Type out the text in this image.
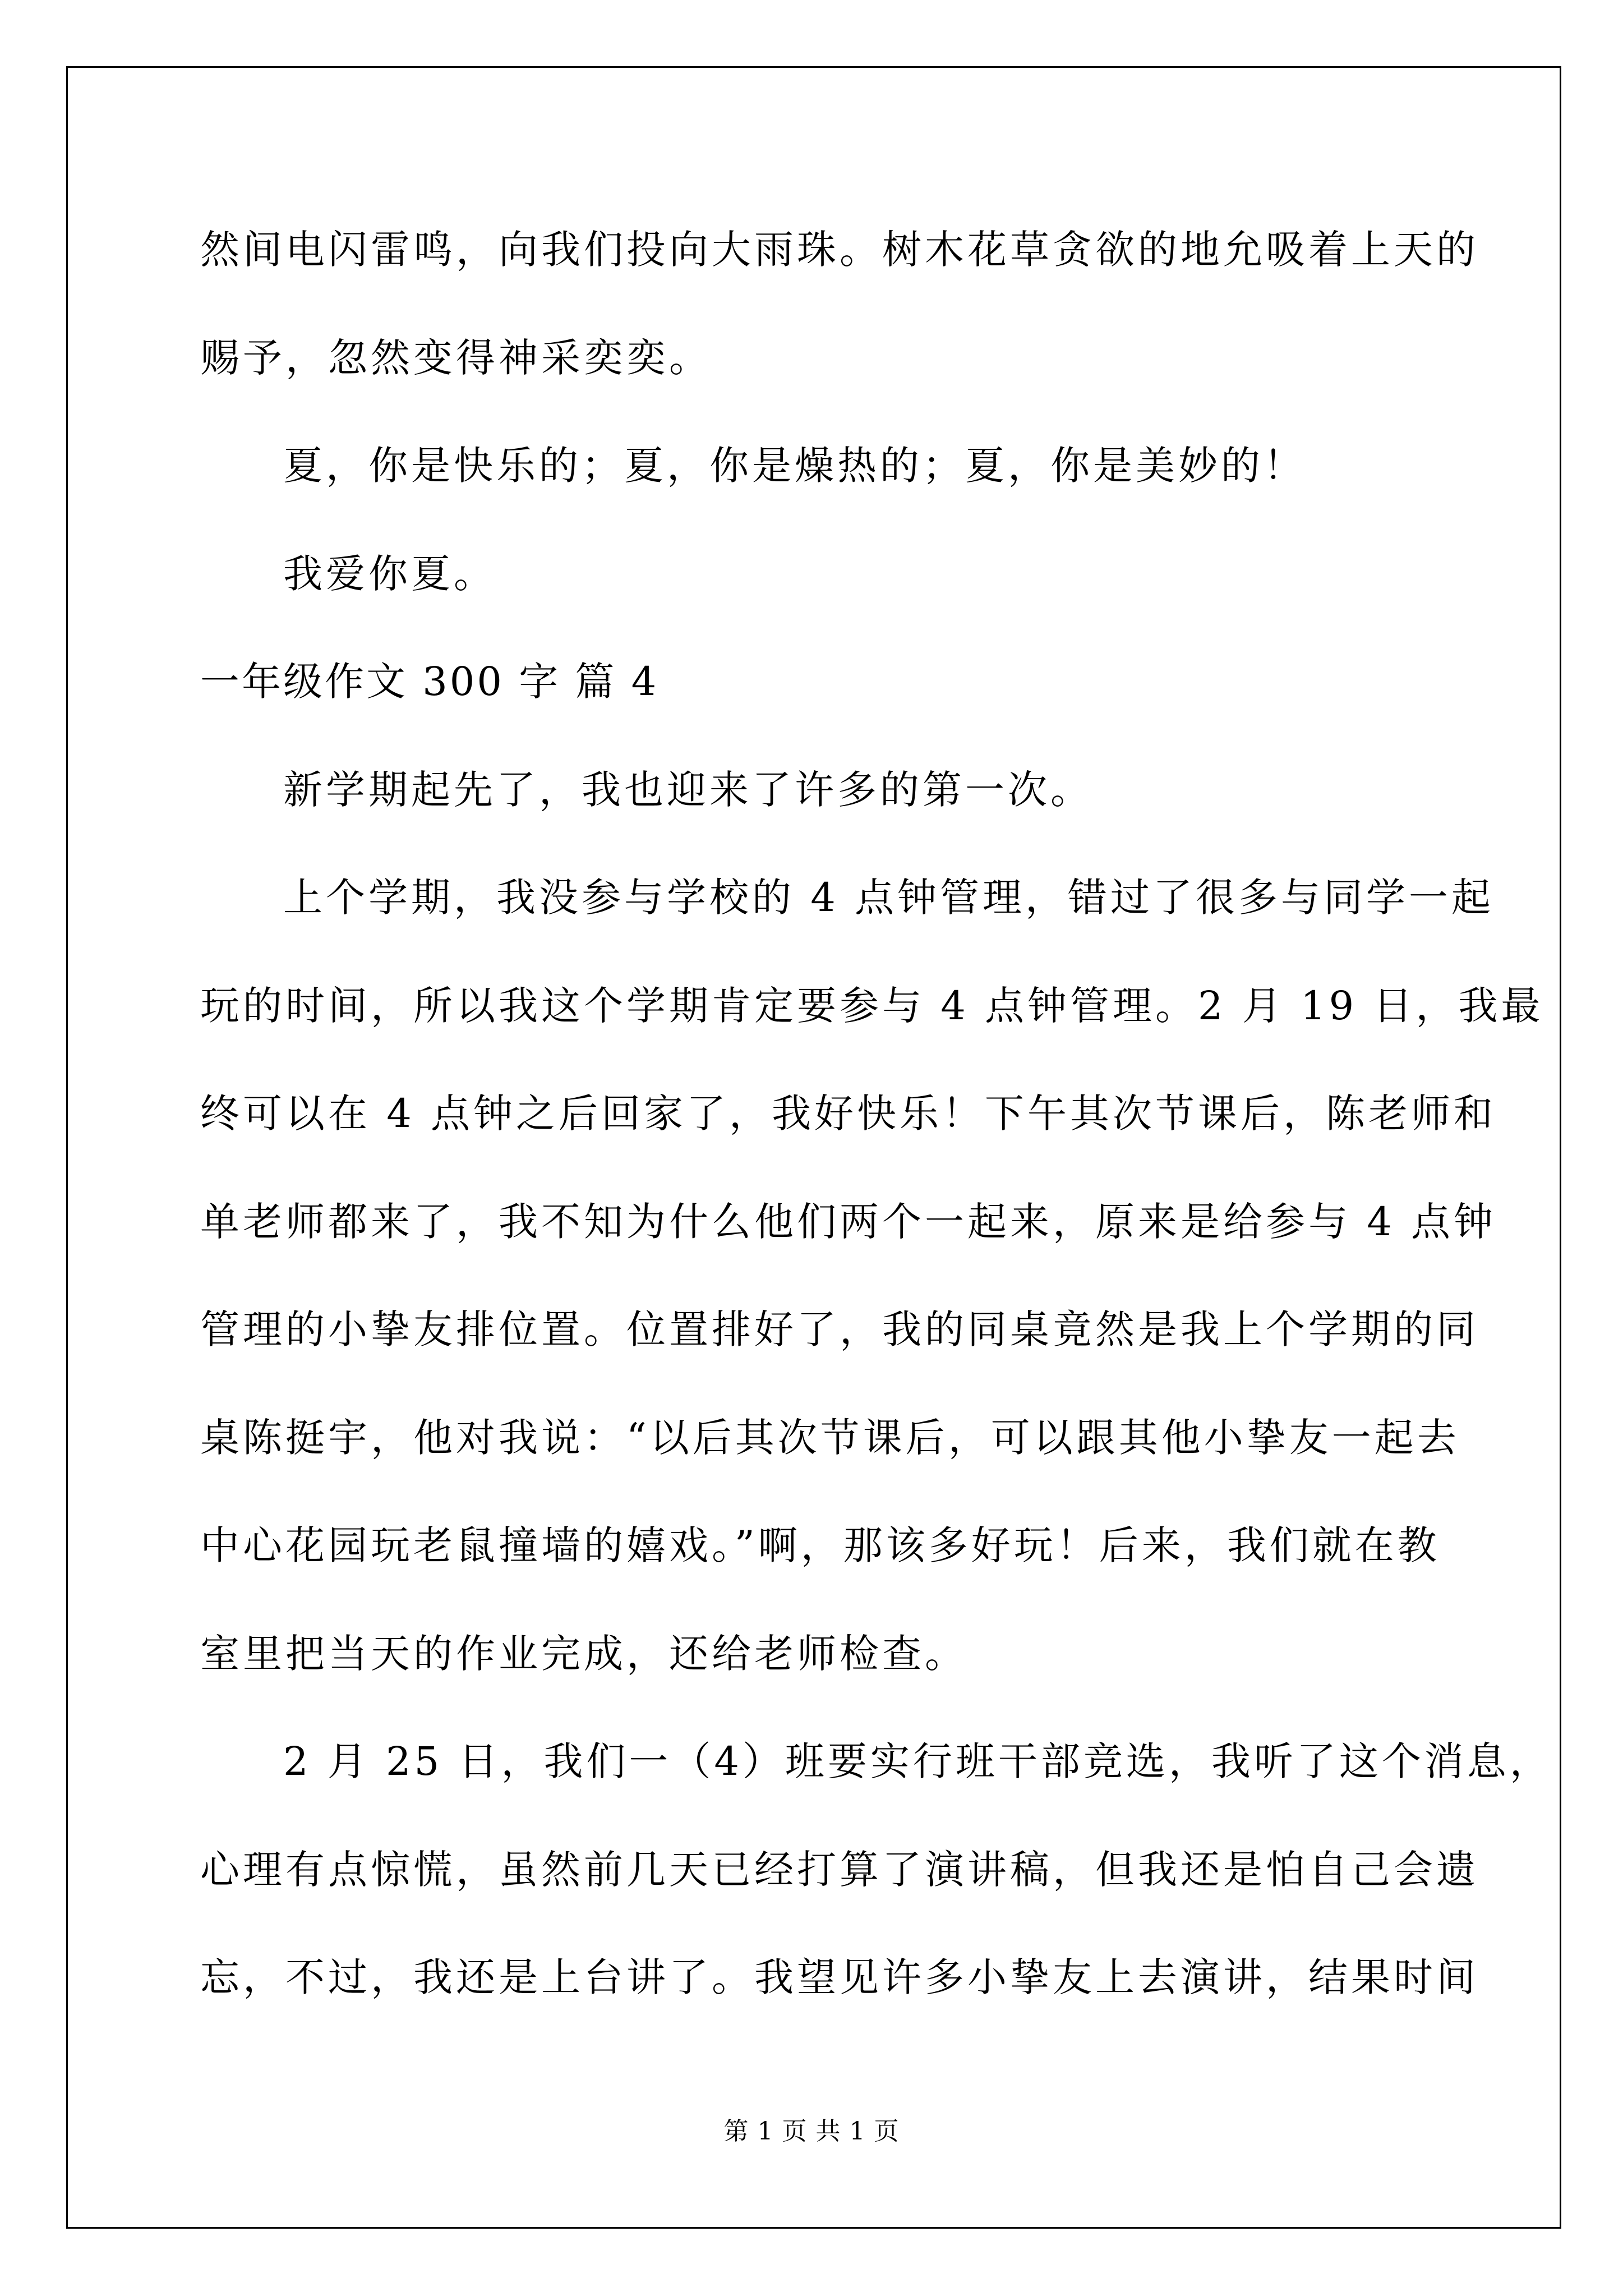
然间电闪雷鸣，向我们投向大雨珠。树木花草贪欲的地允吸着上天的
赐予，忽然变得神采奕奕。
夏，你是快乐的；夏，你是燥热的；夏，你是美妙的！
我爱你夏。
一年级作文 300 字 篇 4
新学期起先了，我也迎来了许多的第一次。
上个学期，我没参与学校的 4 点钟管理，错过了很多与同学一起
玩的时间，所以我这个学期肯定要参与 4 点钟管理。2 月 19 日，我最
终可以在 4 点钟之后回家了，我好快乐！下午其次节课后，陈老师和
单老师都来了，我不知为什么他们两个一起来，原来是给参与 4 点钟
管理的小挚友排位置。位置排好了，我的同桌竟然是我上个学期的同
桌陈挺宇，他对我说：“以后其次节课后，可以跟其他小挚友一起去
中心花园玩老鼠撞墙的嬉戏。”啊，那该多好玩！后来，我们就在教
室里把当天的作业完成，还给老师检查。
2 月 25 日，我们一（4）班要实行班干部竞选，我听了这个消息，
心理有点惊慌，虽然前几天已经打算了演讲稿，但我还是怕自己会遗
忘，不过，我还是上台讲了。我望见许多小挚友上去演讲，结果时间
第 1 页 共 1 页
